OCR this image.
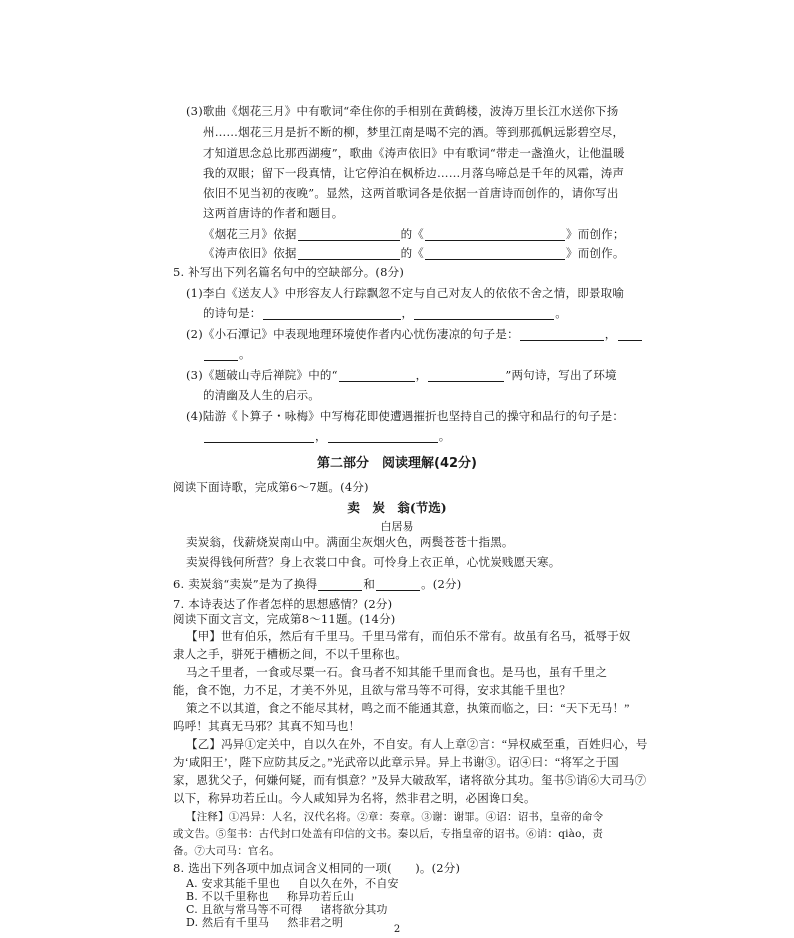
(3)歌曲《烟花三月》中有歌词“牵住你的手相别在黄鹤楼，波涛万里长江水送你下扬
州……烟花三月是折不断的柳，梦里江南是喝不完的酒。等到那孤帆远影碧空尽，
才知道思念总比那西湖瘦”，歌曲《涛声依旧》中有歌词“带走一盏渔火，让他温暖
我的双眼；留下一段真情，让它停泊在枫桥边……月落乌啼总是千年的风霜，涛声
依旧不见当初的夜晚”。显然，这两首歌词各是依据一首唐诗而创作的，请你写出
这两首唐诗的作者和题目。
《烟花三月》依据	的《	》而创作；
《涛声依旧》依据	的《	》而创作。
5. 补写出下列名篇名句中的空缺部分。(8分)
(1)李白《送友人》中形容友人行踪飘忽不定与自己对友人的依依不舍之情，即景取喻
的诗句是：	，	。
(2)《小石潭记》中表现地理环境使作者内心忧伤凄凉的句子是：	，
。
(3)《题破山寺后禅院》中的“	，	”两句诗，写出了环境
的清幽及人生的启示。
(4)陆游《卜算子・咏梅》中写梅花即使遭遇摧折也坚持自己的操守和品行的句子是：
，	。
第二部分　阅读理解(42分)
阅读下面诗歌，完成第6～7题。(4分)
卖　炭　翁(节选)
白居易
卖炭翁，伐薪烧炭南山中。满面尘灰烟火色，两鬓苍苍十指黑。
卖炭得钱何所营？身上衣裳口中食。可怜身上衣正单，心忧炭贱愿天寒。
6. 卖炭翁“卖炭”是为了换得	和	。(2分)
7. 本诗表达了作者怎样的思想感情？(2分)
阅读下面文言文，完成第8～11题。(14分)
【甲】世有伯乐，然后有千里马。千里马常有，而伯乐不常有。故虽有名马，祗辱于奴
隶人之手，骈死于槽枥之间，不以千里称也。
马之千里者，一食或尽粟一石。食马者不知其能千里而食也。是马也，虽有千里之
能，食不饱，力不足，才美不外见，且欲与常马等不可得，安求其能千里也？
策之不以其道，食之不能尽其材，鸣之而不能通其意，执策而临之，曰：“天下无马！”
呜呼！其真无马邪？其真不知马也！
【乙】冯异①定关中，自以久在外，不自安。有人上章②言：“异权威至重，百姓归心，号
为‘咸阳王’，陛下应防其反之。”光武帝以此章示异。异上书谢③。诏④曰：“将军之于国
家，恩犹父子，何嫌何疑，而有惧意？”及异大破敌军，诸将欲分其功。玺书⑤诮⑥大司马⑦
以下，称异功若丘山。今人咸知异为名将，然非君之明，必困谗口矣。
【注释】①冯异：人名，汉代名将。②章：奏章。③谢：谢罪。④诏：诏书，皇帝的命令
或文告。⑤玺书：古代封口处盖有印信的文书。秦以后，专指皇帝的诏书。⑥诮：qiào，责
备。⑦大司马：官名。
8. 选出下列各项中加点词含义相同的一项(　　)。(2分)
A. 安求其能千里也 自以久在外，不自安
B. 不以千里称也 称异功若丘山
C. 且欲与常马等不可得 诸将欲分其功
D. 然后有千里马 然非君之明
2
